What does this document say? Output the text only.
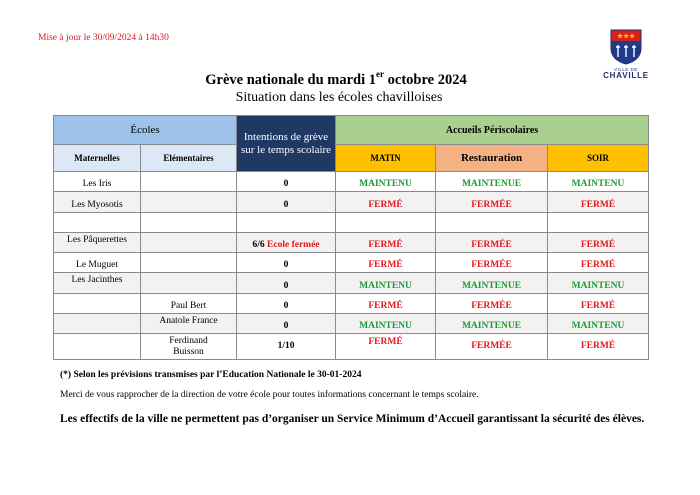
Mise à jour le 30/09/2024 à 14h30	★
★
★
VILLE DE
CHAVILLE
Grève nationale du mardi 1er octobre 2024
Situation dans les écoles chavilloises
Écoles		Intentions de grève sur le temps scolaire	Accueils Périscolaires		
Maternelles	Elémentaires		MATIN	Restauration	SOIR
Les Iris		0	MAINTENU	MAINTENUE	MAINTENU
Les Myosotis		0	FERMÉ	FERMÉE	FERMÉ

Les Pâquerettes		6/6 Ecole fermée	FERMÉ	FERMÉE	FERMÉ
Le Muguet		0	FERMÉ	FERMÉE	FERMÉ
Les Jacinthes		0	MAINTENU	MAINTENUE	MAINTENU
	Paul Bert	0	FERMÉ	FERMÉE	FERMÉ
	Anatole France	0	MAINTENU	MAINTENUE	MAINTENU
	Ferdinand Buisson	1/10	FERMÉ	FERMÉE	FERMÉ
(*) Selon les prévisions transmises par l’Education Nationale le 30-01-2024
Merci de vous rapprocher de la direction de votre école pour toutes informations concernant le temps scolaire.
Les effectifs de la ville ne permettent pas d’organiser un Service Minimum d’Accueil garantissant la sécurité des élèves.
